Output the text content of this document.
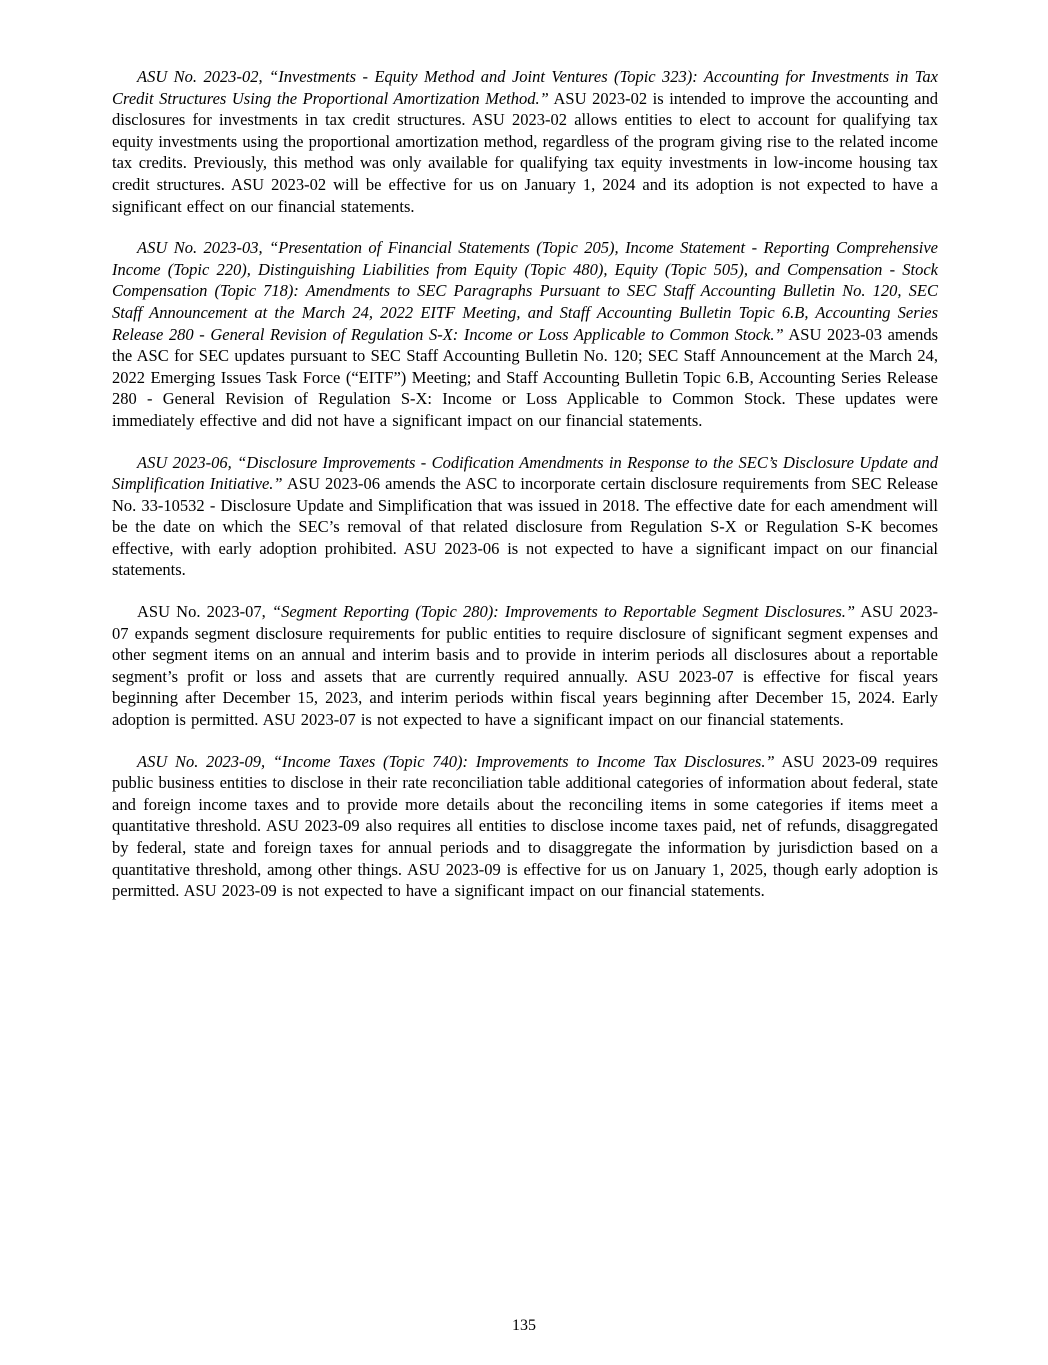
ASU No. 2023-02, “Investments - Equity Method and Joint Ventures (Topic 323): Accounting for Investments in Tax Credit Structures Using the Proportional Amortization Method.” ASU 2023-02 is intended to improve the accounting and disclosures for investments in tax credit structures. ASU 2023-02 allows entities to elect to account for qualifying tax equity investments using the proportional amortization method, regardless of the program giving rise to the related income tax credits. Previously, this method was only available for qualifying tax equity investments in low-income housing tax credit structures. ASU 2023-02 will be effective for us on January 1, 2024 and its adoption is not expected to have a significant effect on our financial statements.

ASU No. 2023-03, “Presentation of Financial Statements (Topic 205), Income Statement - Reporting Comprehensive Income (Topic 220), Distinguishing Liabilities from Equity (Topic 480), Equity (Topic 505), and Compensation - Stock Compensation (Topic 718): Amendments to SEC Paragraphs Pursuant to SEC Staff Accounting Bulletin No. 120, SEC Staff Announcement at the March 24, 2022 EITF Meeting, and Staff Accounting Bulletin Topic 6.B, Accounting Series Release 280 - General Revision of Regulation S-X: Income or Loss Applicable to Common Stock.” ASU 2023-03 amends the ASC for SEC updates pursuant to SEC Staff Accounting Bulletin No. 120; SEC Staff Announcement at the March 24, 2022 Emerging Issues Task Force (“EITF”) Meeting; and Staff Accounting Bulletin Topic 6.B, Accounting Series Release 280 - General Revision of Regulation S-X: Income or Loss Applicable to Common Stock. These updates were immediately effective and did not have a significant impact on our financial statements.

ASU 2023-06, “Disclosure Improvements - Codification Amendments in Response to the SEC’s Disclosure Update and Simplification Initiative.” ASU 2023-06 amends the ASC to incorporate certain disclosure requirements from SEC Release No. 33-10532 - Disclosure Update and Simplification that was issued in 2018. The effective date for each amendment will be the date on which the SEC’s removal of that related disclosure from Regulation S-X or Regulation S-K becomes effective, with early adoption prohibited. ASU 2023-06 is not expected to have a significant impact on our financial statements.

ASU No. 2023-07, “Segment Reporting (Topic 280): Improvements to Reportable Segment Disclosures.” ASU 2023-07 expands segment disclosure requirements for public entities to require disclosure of significant segment expenses and other segment items on an annual and interim basis and to provide in interim periods all disclosures about a reportable segment’s profit or loss and assets that are currently required annually. ASU 2023-07 is effective for fiscal years beginning after December 15, 2023, and interim periods within fiscal years beginning after December 15, 2024. Early adoption is permitted. ASU 2023-07 is not expected to have a significant impact on our financial statements.

ASU No. 2023-09, “Income Taxes (Topic 740): Improvements to Income Tax Disclosures.” ASU 2023-09 requires public business entities to disclose in their rate reconciliation table additional categories of information about federal, state and foreign income taxes and to provide more details about the reconciling items in some categories if items meet a quantitative threshold. ASU 2023-09 also requires all entities to disclose income taxes paid, net of refunds, disaggregated by federal, state and foreign taxes for annual periods and to disaggregate the information by jurisdiction based on a quantitative threshold, among other things. ASU 2023-09 is effective for us on January 1, 2025, though early adoption is permitted. ASU 2023-09 is not expected to have a significant impact on our financial statements.

135
